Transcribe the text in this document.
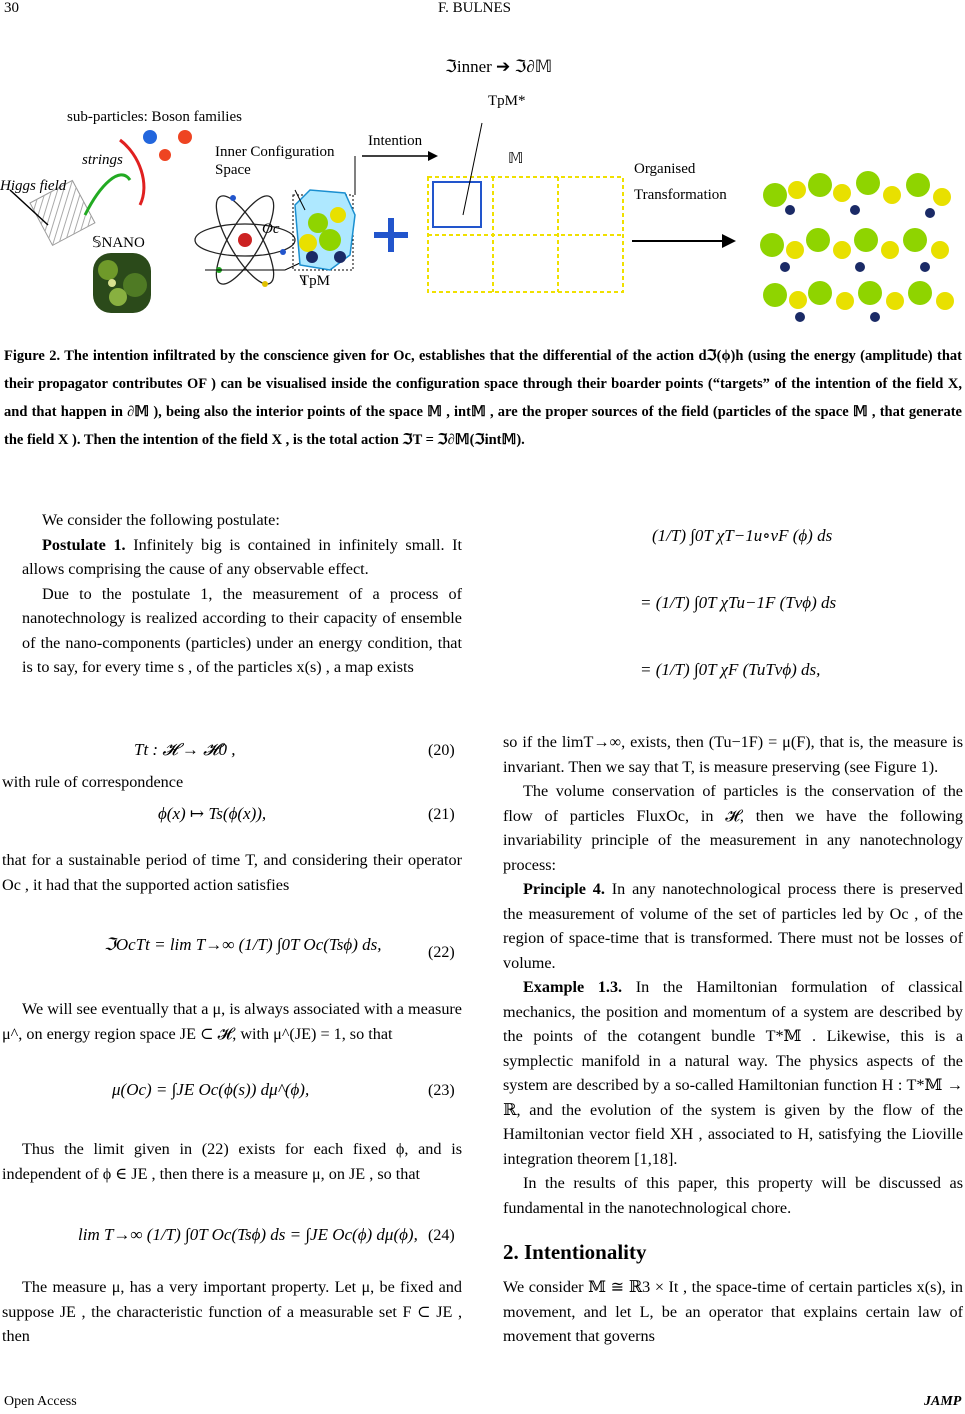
30	F. BULNES
ℑinner ➔ ℑ∂𝕄
sub-particles: Boson families
strings
Higgs field
𝕊NANO
Inner Configuration Space
Oc
Intention
TpM*
𝕄
TpM
Organised Transformation
Figure 2. The intention infiltrated by the conscience given for Oc, establishes that the differential of the action dℑ(ϕ)h (using the energy (amplitude) that their propagator contributes OF ) can be visualised inside the configuration space through their boarder points (“targets” of the intention of the field X, and that happen in ∂𝕄 ), being also the interior points of the space 𝕄 , int𝕄 , are the proper sources of the field (particles of the space 𝕄 , that generate the field X ). Then the intention of the field X , is the total action ℑT = ℑ∂𝕄(ℑint𝕄).

We consider the following postulate:

Postulate 1. Infinitely big is contained in infinitely small. It allows comprising the cause of any observable effect.

Due to the postulate 1, the measurement of a process of nanotechnology is realized according to their capacity of ensemble of the nano-components (particles) under an energy condition, that is to say, for every time s , of the particles x(s) , a map exists

Tt : 𝓗 → 𝓗0 ,	(20)
with rule of correspondence
ϕ(x) ↦ Ts(ϕ(x)),	(21)
that for a sustainable period of time T, and considering their operator Oc , it had that the supported action satisfies
ℑOcTt = lim T→∞ (1/T) ∫0T Oc(Tsϕ) ds,	(22)
We will see eventually that a μ, is always associated with a measure μ^, on energy region space JE ⊂ 𝓗, with μ^(JE) = 1, so that
μ(Oc) = ∫JE Oc(ϕ(s)) dμ^(ϕ),	(23)
Thus the limit given in (22) exists for each fixed ϕ, and is independent of ϕ ∈ JE , then there is a measure μ, on JE , so that
lim T→∞ (1/T) ∫0T Oc(Tsϕ) ds = ∫JE Oc(ϕ) dμ(ϕ), (24)
The measure μ, has a very important property. Let μ, be fixed and suppose JE , the characteristic function of a measurable set F ⊂ JE , then
(1/T) ∫0T χT−1u∘vF (ϕ) ds
= (1/T) ∫0T χTu−1F (Tvϕ) ds
= (1/T) ∫0T χF (TuTvϕ) ds,

so if the limT→∞, exists, then (Tu−1F) = μ(F), that is, the measure is invariant. Then we say that T, is measure preserving (see Figure 1).

The volume conservation of particles is the conservation of the flow of particles FluxOc, in 𝓗, then we have the following invariability principle of the measurement in any nanotechnology process:

Principle 4. In any nanotechnological process there is preserved the measurement of volume of the set of particles led by Oc , of the region of space-time that is transformed. There must not be losses of volume.

Example 1.3. In the Hamiltonian formulation of classical mechanics, the position and momentum of a system are described by the points of the cotangent bundle T*𝕄 . Likewise, this is a symplectic manifold in a natural way. The physics aspects of the system are described by a so-called Hamiltonian function H : T*𝕄 → ℝ, and the evolution of the system is given by the flow of the Hamiltonian vector field XH , associated to H, satisfying the Lioville integration theorem [1,18].

In the results of this paper, this property will be discussed as fundamental in the nanotechnological chore.

2. Intentionality
We consider 𝕄 ≅ ℝ3 × It , the space-time of certain particles x(s), in movement, and let L, be an operator that explains certain law of movement that governs
Open Access	JAMP
